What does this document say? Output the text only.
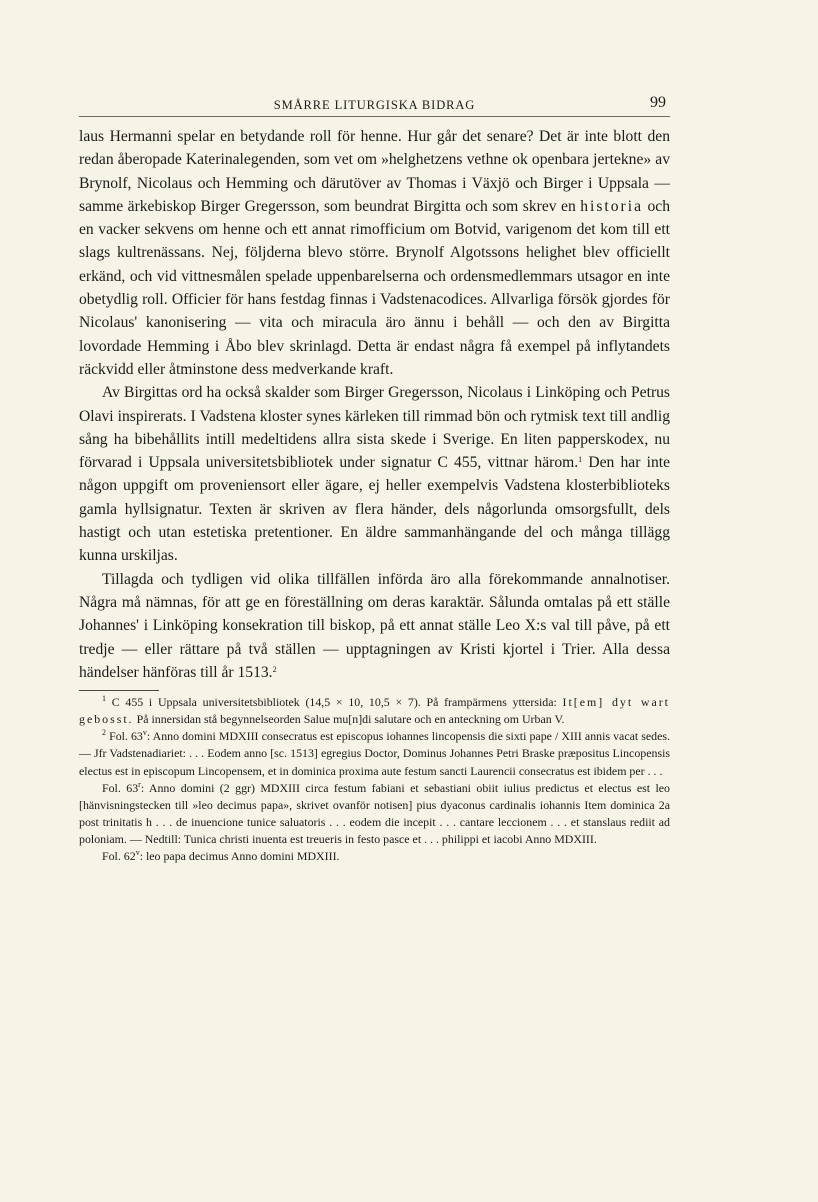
SMÅRRE LITURGISKA BIDRAG	99

laus Hermanni spelar en betydande roll för henne. Hur går det senare? Det är inte blott den redan åberopade Katerinalegenden, som vet om »helghetzens vethne ok openbara jertekne» av Brynolf, Nicolaus och Hemming och därutöver av Thomas i Växjö och Birger i Uppsala — samme ärkebiskop Birger Gregersson, som beundrat Birgitta och som skrev en historia och en vacker sekvens om henne och ett annat rimofficium om Botvid, varigenom det kom till ett slags kultrenässans. Nej, följderna blevo större. Brynolf Algotssons helighet blev officiellt erkänd, och vid vittnesmålen spelade uppenbarelserna och ordensmedlemmars utsagor en inte obetydlig roll. Officier för hans festdag finnas i Vadstenacodices. Allvarliga försök gjordes för Nicolaus' kanonisering — vita och miracula äro ännu i behåll — och den av Birgitta lovordade Hemming i Åbo blev skrinlagd. Detta är endast några få exempel på inflytandets räckvidd eller åtminstone dess medverkande kraft.

Av Birgittas ord ha också skalder som Birger Gregersson, Nicolaus i Linköping och Petrus Olavi inspirerats. I Vadstena kloster synes kärleken till rimmad bön och rytmisk text till andlig sång ha bibehållits intill medeltidens allra sista skede i Sverige. En liten papperskodex, nu förvarad i Uppsala universitetsbibliotek under signatur C 455, vittnar härom.$^1$ Den har inte någon uppgift om proveniensort eller ägare, ej heller exempelvis Vadstena klosterbiblioteks gamla hyllsignatur. Texten är skriven av flera händer, dels någorlunda omsorgsfullt, dels hastigt och utan estetiska pretentioner. En äldre sammanhängande del och många tillägg kunna urskiljas.

Tillagda och tydligen vid olika tillfällen införda äro alla förekommande annalnotiser. Några må nämnas, för att ge en föreställning om deras karaktär. Sålunda omtalas på ett ställe Johannes' i Linköping konsekration till biskop, på ett annat ställe Leo X:s val till påve, på ett tredje — eller rättare på två ställen — upptagningen av Kristi kjortel i Trier. Alla dessa händelser hänföras till år 1513.$^2$

$^1$ C 455 i Uppsala universitetsbibliotek (14,5 × 10, 10,5 × 7). På frampärmens yttersida: It[em] dyt wart gebosst. På innersidan stå begynnelseorden Salue mu[n]di salutare och en anteckning om Urban V.

$^2$ Fol. 63$^v$: Anno domini MDXIII consecratus est episcopus iohannes lincopensis die sixti pape / XIII annis vacat sedes. — Jfr Vadstenadiariet: . . . Eodem anno [sc. 1513] egregius Doctor, Dominus Johannes Petri Braske præpositus Lincopensis electus est in episcopum Lincopensem, et in dominica proxima aute festum sancti Laurencii consecratus est ibidem per . . .

Fol. 63$^r$: Anno domini (2 ggr) MDXIII circa festum fabiani et sebastiani obiit iulius predictus et electus est leo [hänvisningstecken till »leo decimus papa», skrivet ovanför notisen] pius dyaconus cardinalis iohannis Item dominica 2a post trinitatis h . . . de inuencione tunice saluatoris . . . eodem die incepit . . . cantare leccionem . . . et stanslaus rediit ad poloniam. — Nedtill: Tunica christi inuenta est treueris in festo pasce et . . . philippi et iacobi Anno MDXIII.

Fol. 62$^v$: leo papa decimus Anno domini MDXIII.
